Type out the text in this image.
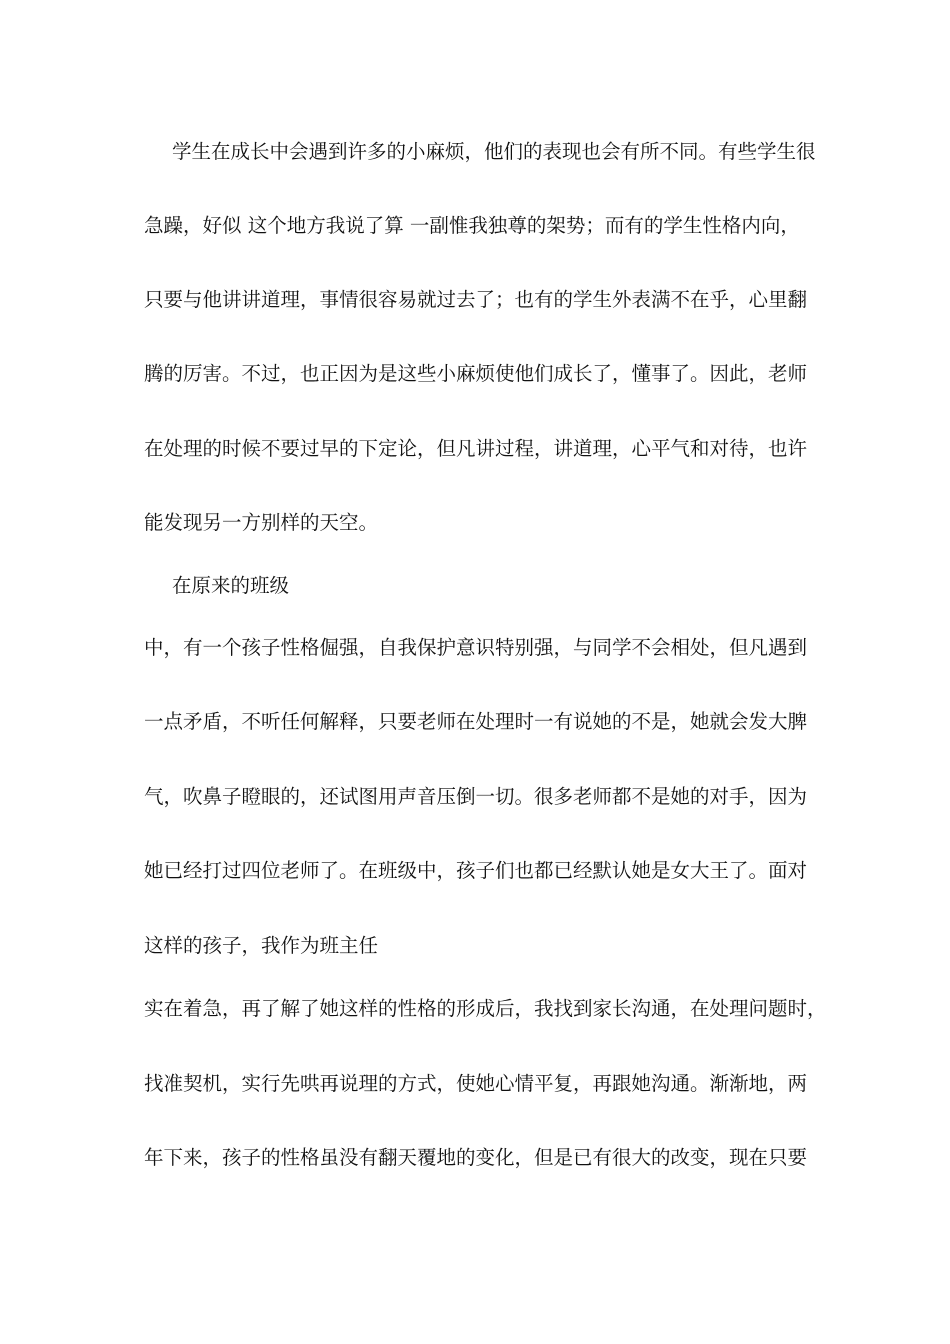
学生在成长中会遇到许多的小麻烦，他们的表现也会有所不同。有些学生很
急躁，好似 这个地方我说了算 一副惟我独尊的架势；而有的学生性格内向，
只要与他讲讲道理，事情很容易就过去了；也有的学生外表满不在乎，心里翻
腾的厉害。不过，也正因为是这些小麻烦使他们成长了，懂事了。因此，老师
在处理的时候不要过早的下定论，但凡讲过程，讲道理，心平气和对待，也许
能发现另一方别样的天空。
在原来的班级
中，有一个孩子性格倔强，自我保护意识特别强，与同学不会相处，但凡遇到
一点矛盾，不听任何解释，只要老师在处理时一有说她的不是，她就会发大脾
气，吹鼻子瞪眼的，还试图用声音压倒一切。很多老师都不是她的对手，因为
她已经打过四位老师了。在班级中，孩子们也都已经默认她是女大王了。面对
这样的孩子，我作为班主任
实在着急，再了解了她这样的性格的形成后，我找到家长沟通，在处理问题时，
找准契机，实行先哄再说理的方式，使她心情平复，再跟她沟通。渐渐地，两
年下来，孩子的性格虽没有翻天覆地的变化，但是已有很大的改变，现在只要
